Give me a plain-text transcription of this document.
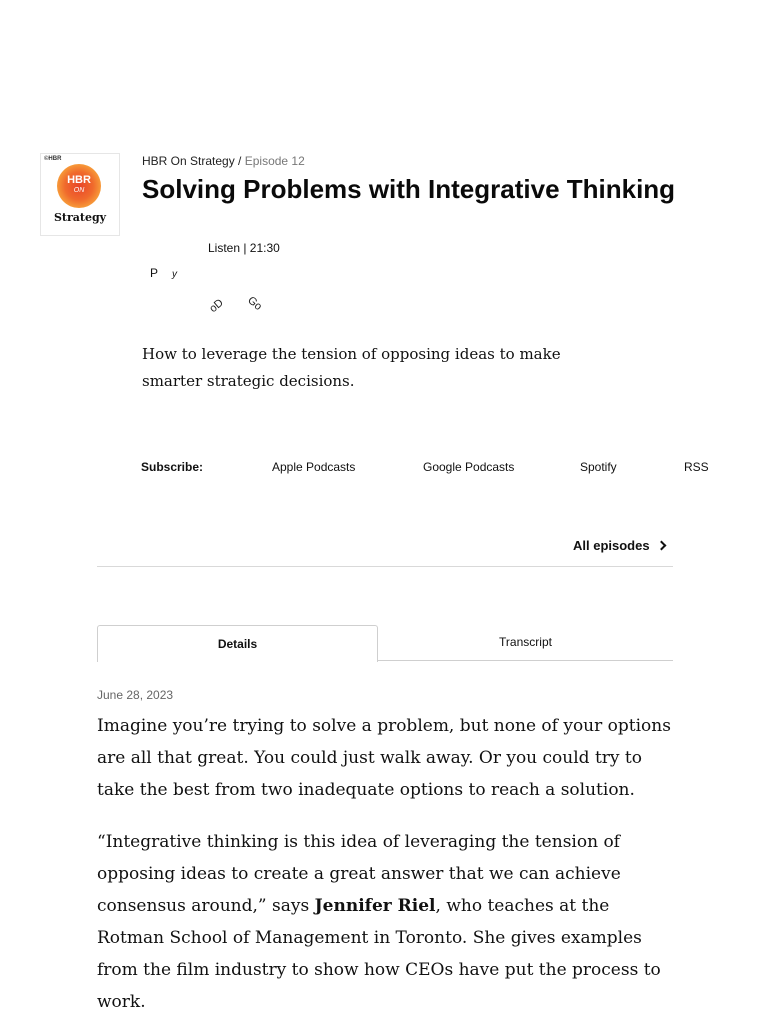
©HBR
HBR
ON
Strategy
HBR On Strategy / Episode 12
Solving Problems with Integrative Thinking
Listen | 21:30
P y
oD	Go

How to leverage the tension of opposing ideas to make smarter strategic decisions.

Subscribe:	Apple Podcasts	Google Podcasts	Spotify	RSS
All episodes
Details	Transcript
June 28, 2023

Imagine you’re trying to solve a problem, but none of your options are all that great. You could just walk away. Or you could try to take the best from two inadequate options to reach a solution.

“Integrative thinking is this idea of leveraging the tension of opposing ideas to create a great answer that we can achieve consensus around,” says Jennifer Riel, who teaches at the Rotman School of Management in Toronto. She gives examples from the film industry to show how CEOs have put the process to work.
